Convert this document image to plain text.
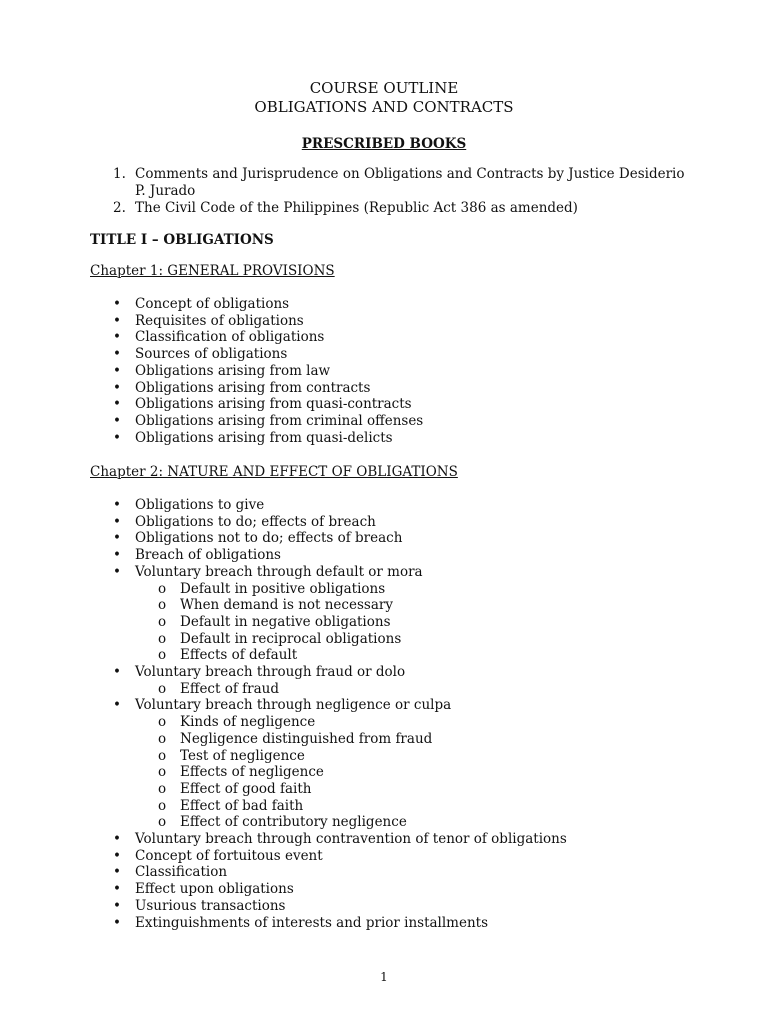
COURSE OUTLINE
OBLIGATIONS AND CONTRACTS
PRESCRIBED BOOKS
1. Comments and Jurisprudence on Obligations and Contracts by Justice Desiderio P. Jurado
2. The Civil Code of the Philippines (Republic Act 386 as amended)
TITLE I – OBLIGATIONS
Chapter 1: GENERAL PROVISIONS
• Concept of obligations
• Requisites of obligations
• Classification of obligations
• Sources of obligations
• Obligations arising from law
• Obligations arising from contracts
• Obligations arising from quasi-contracts
• Obligations arising from criminal offenses
• Obligations arising from quasi-delicts
Chapter 2: NATURE AND EFFECT OF OBLIGATIONS
• Obligations to give
• Obligations to do; effects of breach
• Obligations not to do; effects of breach
• Breach of obligations
• Voluntary breach through default or mora
o Default in positive obligations
o When demand is not necessary
o Default in negative obligations
o Default in reciprocal obligations
o Effects of default
• Voluntary breach through fraud or dolo
o Effect of fraud
• Voluntary breach through negligence or culpa
o Kinds of negligence
o Negligence distinguished from fraud
o Test of negligence
o Effects of negligence
o Effect of good faith
o Effect of bad faith
o Effect of contributory negligence
• Voluntary breach through contravention of tenor of obligations
• Concept of fortuitous event
• Classification
• Effect upon obligations
• Usurious transactions
• Extinguishments of interests and prior installments
1
